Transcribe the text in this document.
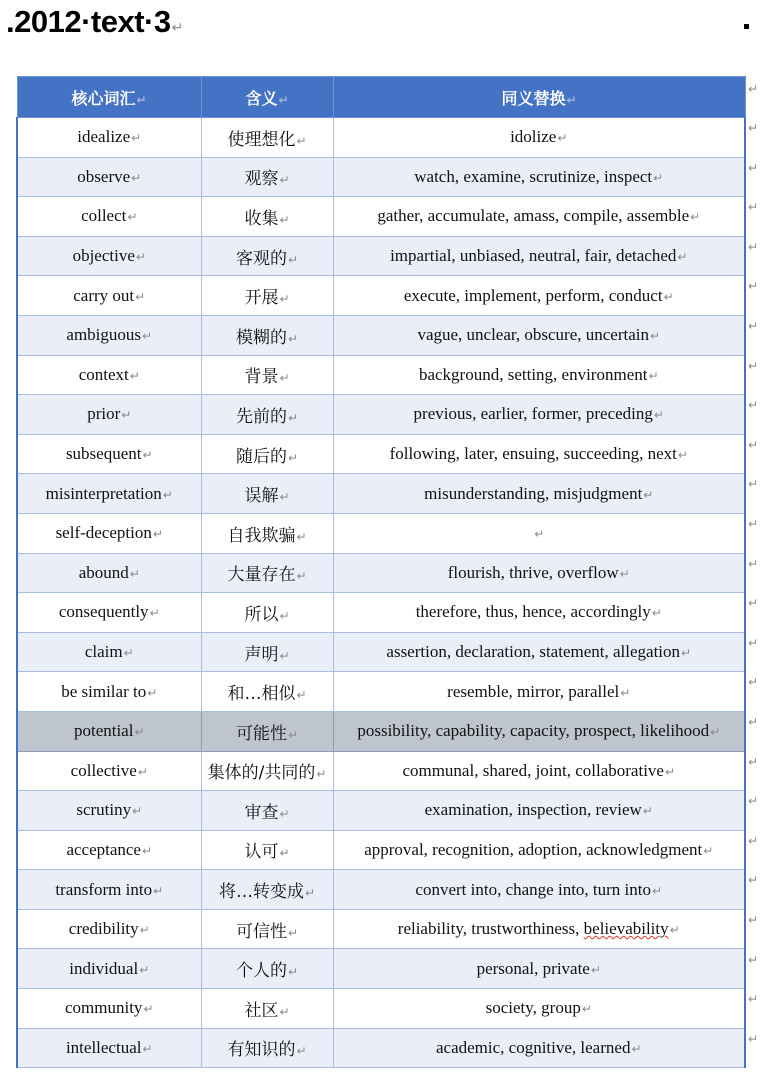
.2012·text·3↵
核心词汇↵	含义↵	同义替换↵
idealize↵	使理想化↵	idolize↵
observe↵	观察↵	watch, examine, scrutinize, inspect↵
collect↵	收集↵	gather, accumulate, amass, compile, assemble↵
objective↵	客观的↵	impartial, unbiased, neutral, fair, detached↵
carry out↵	开展↵	execute, implement, perform, conduct↵
ambiguous↵	模糊的↵	vague, unclear, obscure, uncertain↵
context↵	背景↵	background, setting, environment↵
prior↵	先前的↵	previous, earlier, former, preceding↵
subsequent↵	随后的↵	following, later, ensuing, succeeding, next↵
misinterpretation↵	误解↵	misunderstanding, misjudgment↵
self-deception↵	自我欺骗↵	↵
abound↵	大量存在↵	flourish, thrive, overflow↵
consequently↵	所以↵	therefore, thus, hence, accordingly↵
claim↵	声明↵	assertion, declaration, statement, allegation↵
be similar to↵	和…相似↵	resemble, mirror, parallel↵
potential↵	可能性↵	possibility, capability, capacity, prospect, likelihood↵
collective↵	集体的/共同的↵	communal, shared, joint, collaborative↵
scrutiny↵	审查↵	examination, inspection, review↵
acceptance↵	认可↵	approval, recognition, adoption, acknowledgment↵
transform into↵	将…转变成↵	convert into, change into, turn into↵
credibility↵	可信性↵	reliability, trustworthiness, believability↵
individual↵	个人的↵	personal, private↵
community↵	社区↵	society, group↵
intellectual↵	有知识的↵	academic, cognitive, learned↵
↵
↵
↵
↵
↵
↵
↵
↵
↵
↵
↵
↵
↵
↵
↵
↵
↵
↵
↵
↵
↵
↵
↵
↵
↵
